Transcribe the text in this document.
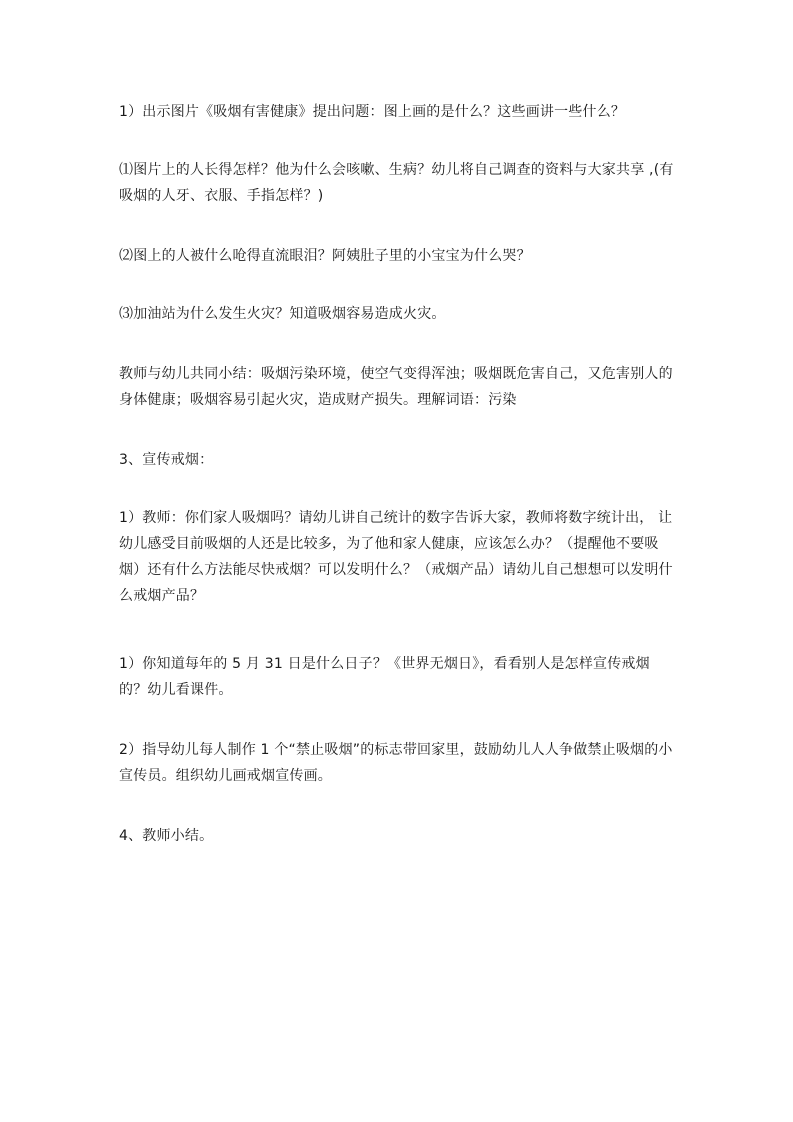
1）出示图片《吸烟有害健康》提出问题：图上画的是什么？这些画讲一些什么？

⑴图片上的人长得怎样？他为什么会咳嗽、生病？幼儿将自己调查的资料与大家共享 ,(有吸烟的人牙、衣服、手指怎样？)

⑵图上的人被什么呛得直流眼泪？阿姨肚子里的小宝宝为什么哭？

⑶加油站为什么发生火灾？知道吸烟容易造成火灾。

教师与幼儿共同小结：吸烟污染环境，使空气变得浑浊；吸烟既危害自己，又危害别人的身体健康；吸烟容易引起火灾，造成财产损失。理解词语：污染

3、宣传戒烟：

1）教师：你们家人吸烟吗？请幼儿讲自己统计的数字告诉大家，教师将数字统计出， 让幼儿感受目前吸烟的人还是比较多，为了他和家人健康，应该怎么办？（提醒他不要吸烟）还有什么方法能尽快戒烟？可以发明什么？（戒烟产品）请幼儿自己想想可以发明什么戒烟产品？

1）你知道每年的 5 月 31 日是什么日子？《世界无烟日》，看看别人是怎样宣传戒烟的？幼儿看课件。

2）指导幼儿每人制作 1 个“禁止吸烟”的标志带回家里，鼓励幼儿人人争做禁止吸烟的小宣传员。组织幼儿画戒烟宣传画。

4、教师小结。
